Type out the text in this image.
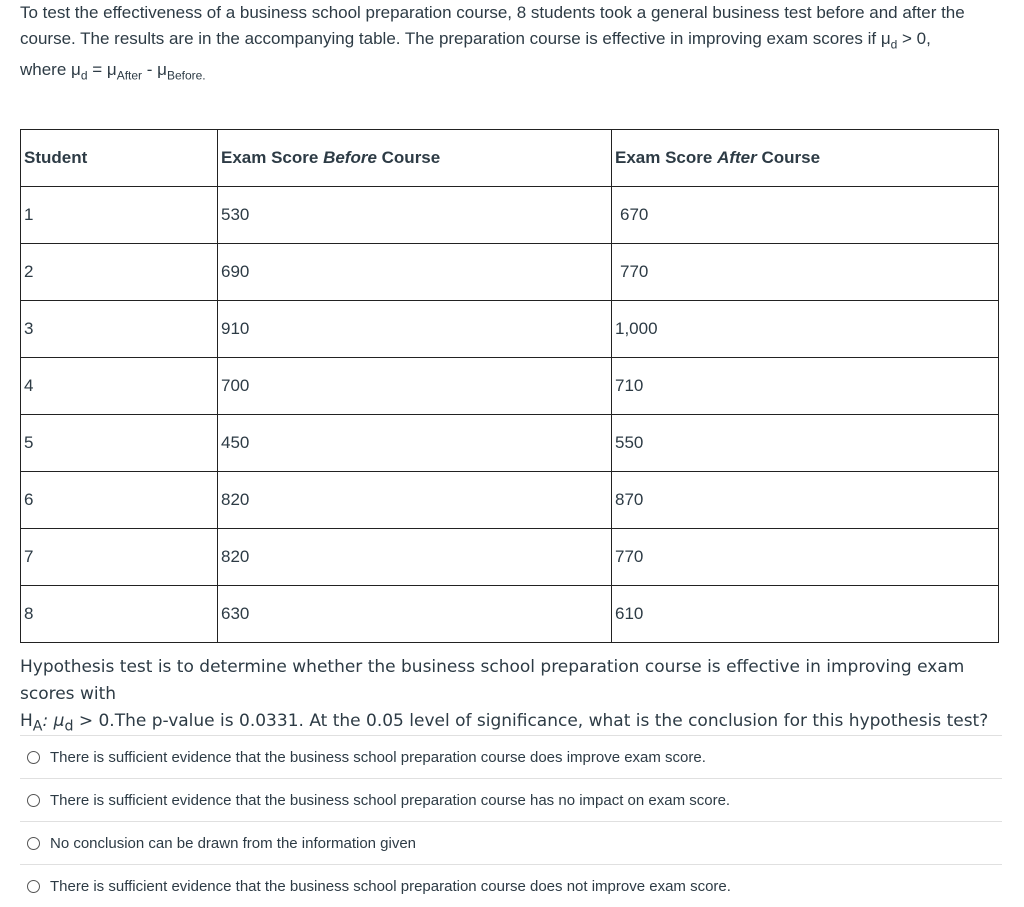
To test the effectiveness of a business school preparation course, 8 students took a general business test before and after the course. The results are in the accompanying table. The preparation course is effective in improving exam scores if $\mu_d > 0$,
where $\mu_d = \mu_{After} - \mu_{Before.}$
Student	Exam Score Before Course	Exam Score After Course
1	530	670
2	690	770
3	910	1,000
4	700	710
5	450	550
6	820	870
7	820	770
8	630	610
Hypothesis test is to determine whether the business school preparation course is effective in improving exam scores with
$H_A$: $\mu_d > 0.The$ p-value is 0.0331. At the 0.05 level of significance, what is the conclusion for this hypothesis test?
There is sufficient evidence that the business school preparation course does improve exam score.
There is sufficient evidence that the business school preparation course has no impact on exam score.
No conclusion can be drawn from the information given
There is sufficient evidence that the business school preparation course does not improve exam score.
